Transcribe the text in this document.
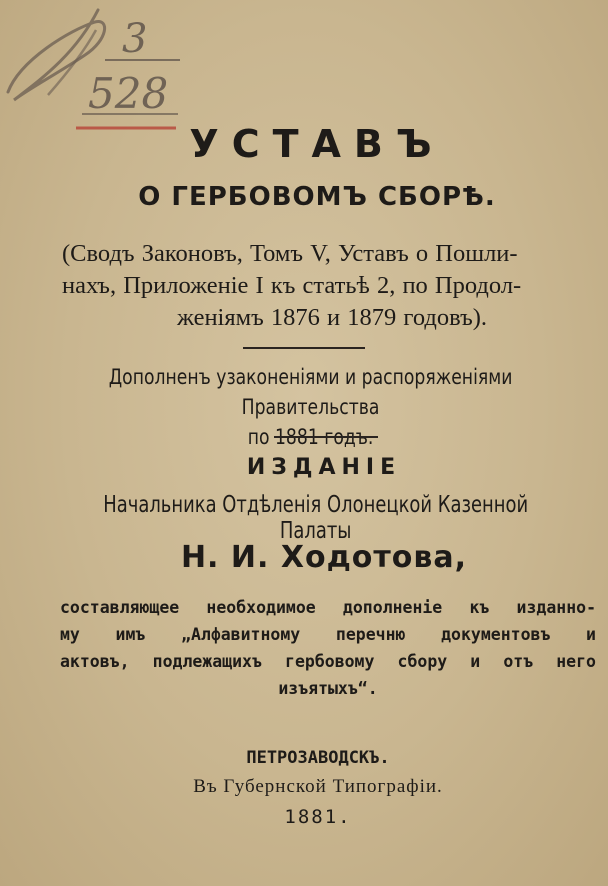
3
528
УСТАВЪ
О ГЕРБОВОМЪ СБОРѢ.
(Сводъ Законовъ, Томъ V, Уставъ о Пошли-
нахъ, Приложеніе I къ статьѣ 2, по Продол-
женіямъ 1876 и 1879 годовъ).
Дополненъ узаконеніями и распоряженіями Правительства
по 1881 годъ.
ИЗДАНІЕ
Начальника Отдѣленія Олонецкой Казенной Палаты
Н. И. Ходотова,
составляющее необходимое дополненіе къ изданно-
му имъ „Алфавитному перечню документовъ и
актовъ, подлежащихъ гербовому сбору и отъ него
изъятыхъ“.
ПЕТРОЗАВОДСКЪ.
Въ Губернской Типографіи.
1881.
